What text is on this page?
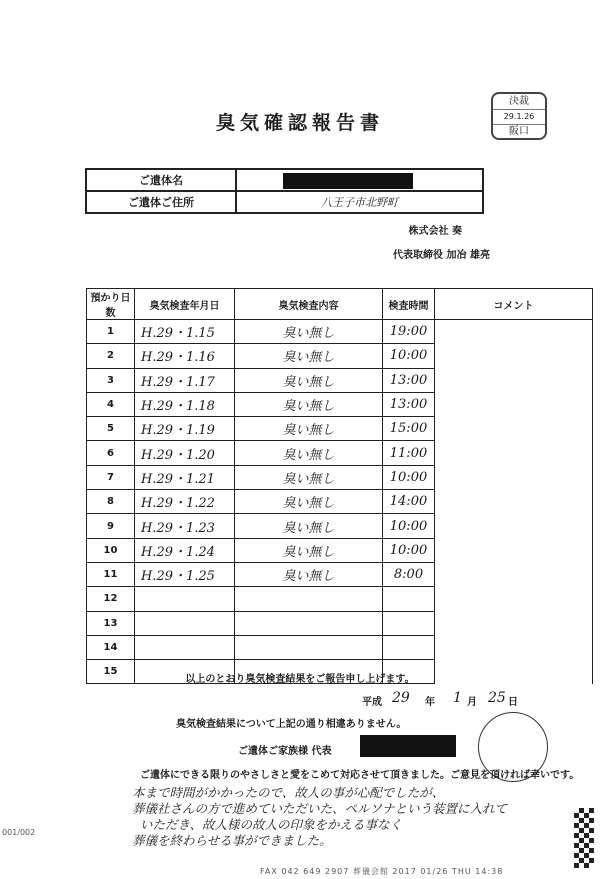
決裁
29.1.26
阪口
臭気確認報告書
ご遺体名	

ご遺体ご住所	八王子市北野町
株式会社 奏
代表取締役 加冶 雄亮
預かり日数	臭気検査年月日	臭気検査内容	検査時間	コメント
1	H.29・1.15	臭い無し	19:00	
2	H.29・1.16	臭い無し	10:00	
3	H.29・1.17	臭い無し	13:00	
4	H.29・1.18	臭い無し	13:00	
5	H.29・1.19	臭い無し	15:00	
6	H.29・1.20	臭い無し	11:00	
7	H.29・1.21	臭い無し	10:00	
8	H.29・1.22	臭い無し	14:00	
9	H.29・1.23	臭い無し	10:00	
10	H.29・1.24	臭い無し	10:00	
11	H.29・1.25	臭い無し	8:00	
12				
13				
14				
15				
以上のとおり臭気検査結果をご報告申し上げます。
平成 29 年 1 月 25 日
臭気検査結果について上記の通り相違ありません。
ご遺体ご家族様 代表
ご遺体にできる限りのやさしさと愛をこめて対応させて頂きました。ご意見を頂ければ幸いです。
本まで時間がかかったので、故人の事が心配でしたが、
葬儀社さんの方で進めていただいた、ペルソナという装置に入れて
いただき、故人様の故人の印象をかえる事なく
葬儀を終わらせる事ができました。
FAX 042 649 2907 葬儀会館 2017 01/26 THU 14:38
001/002
